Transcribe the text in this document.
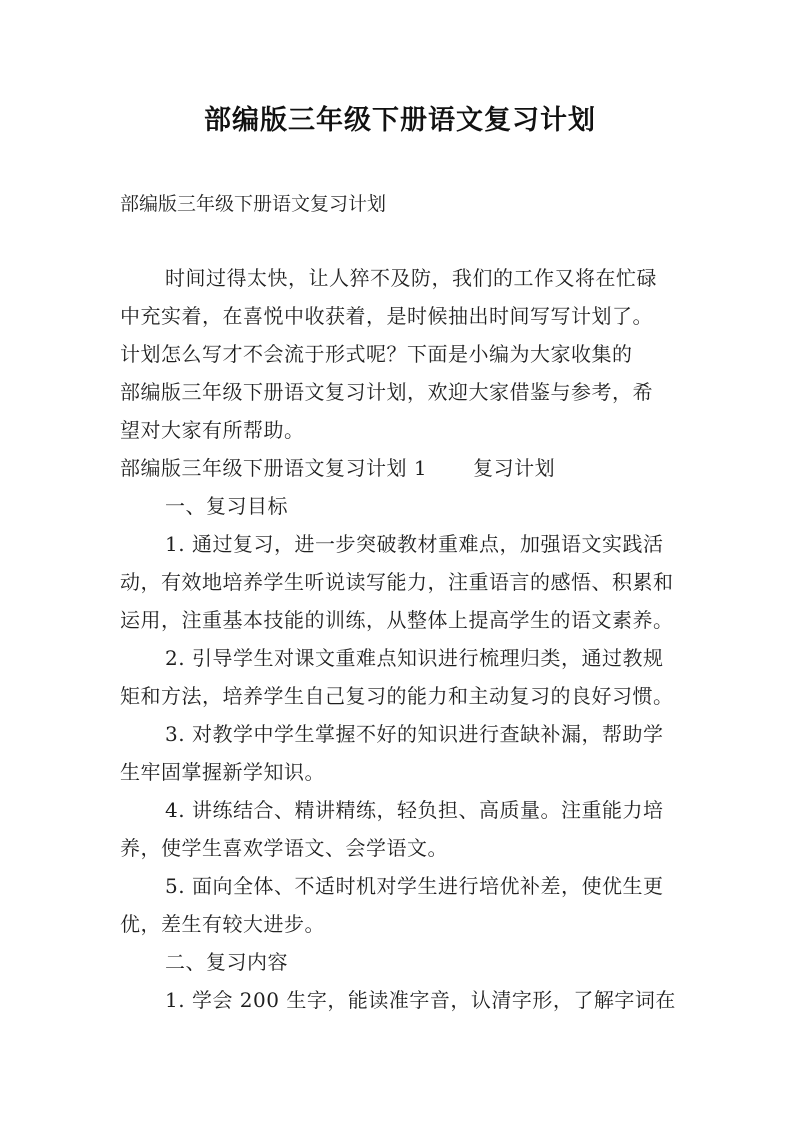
部编版三年级下册语文复习计划
部编版三年级下册语文复习计划
时间过得太快，让人猝不及防，我们的工作又将在忙碌
中充实着，在喜悦中收获着，是时候抽出时间写写计划了。
计划怎么写才不会流于形式呢？下面是小编为大家收集的
部编版三年级下册语文复习计划，欢迎大家借鉴与参考，希
望对大家有所帮助。
部编版三年级下册语文复习计划 1 复习计划
一、复习目标
1. 通过复习，进一步突破教材重难点，加强语文实践活
动，有效地培养学生听说读写能力，注重语言的感悟、积累和
运用，注重基本技能的训练，从整体上提高学生的语文素养。
2. 引导学生对课文重难点知识进行梳理归类，通过教规
矩和方法，培养学生自己复习的能力和主动复习的良好习惯。
3. 对教学中学生掌握不好的知识进行查缺补漏，帮助学
生牢固掌握新学知识。
4. 讲练结合、精讲精练，轻负担、高质量。注重能力培
养，使学生喜欢学语文、会学语文。
5. 面向全体、不适时机对学生进行培优补差，使优生更
优，差生有较大进步。
二、复习内容
1. 学会 200 生字，能读准字音，认清字形，了解字词在
